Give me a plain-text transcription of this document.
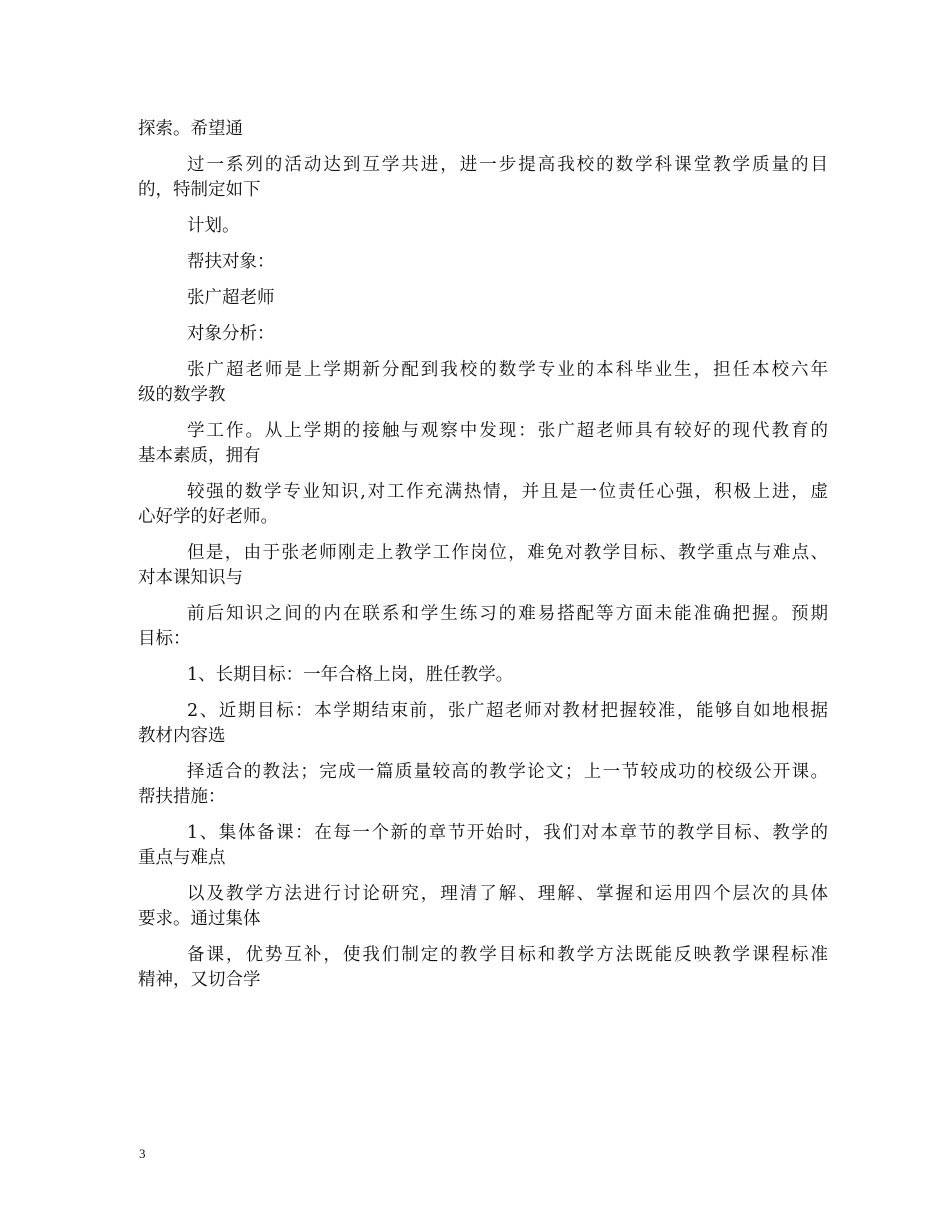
探索。希望通

过一系列的活动达到互学共进，进一步提高我校的数学科课堂教学质量的目

的，特制定如下

计划。

帮扶对象：

张广超老师

对象分析：

张广超老师是上学期新分配到我校的数学专业的本科毕业生，担任本校六年

级的数学教

学工作。从上学期的接触与观察中发现：张广超老师具有较好的现代教育的

基本素质，拥有

较强的数学专业知识,对工作充满热情，并且是一位责任心强，积极上进，虚

心好学的好老师。

但是，由于张老师刚走上教学工作岗位，难免对教学目标、教学重点与难点、

对本课知识与

前后知识之间的内在联系和学生练习的难易搭配等方面未能准确把握。预期

目标：

1、长期目标：一年合格上岗，胜任教学。

2、近期目标：本学期结束前，张广超老师对教材把握较准，能够自如地根据

教材内容选

择适合的教法；完成一篇质量较高的教学论文；上一节较成功的校级公开课。

帮扶措施：

1、集体备课：在每一个新的章节开始时，我们对本章节的教学目标、教学的

重点与难点

以及教学方法进行讨论研究，理清了解、理解、掌握和运用四个层次的具体

要求。通过集体

备课，优势互补，使我们制定的教学目标和教学方法既能反映教学课程标准

精神，又切合学

3
